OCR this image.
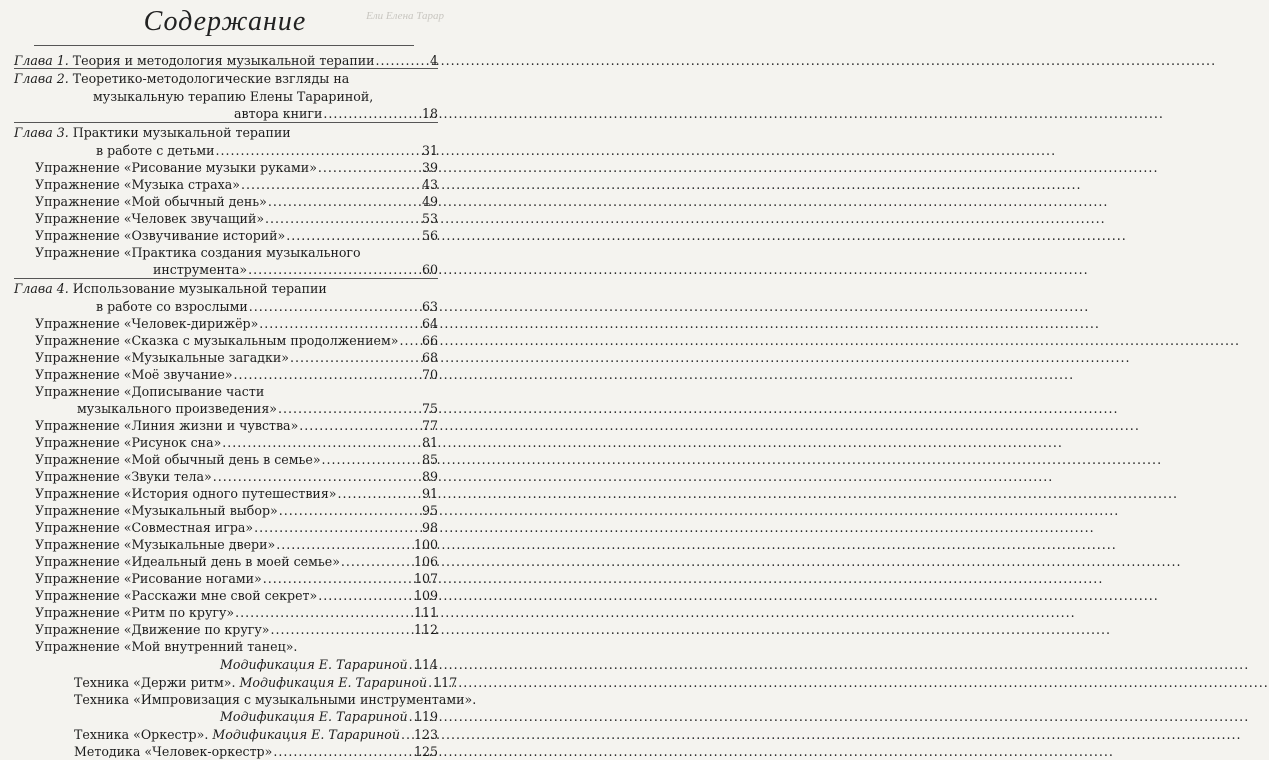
Содержание	Ели Елена Тарар
Глава 1. Теория и методология музыкальной терапии .....	4
Глава 2. Теоретико-методологические взгляды на
музыкальную терапию Елены Тарариной,
автора книги .....	18
Глава 3. Практики музыкальной терапии
в работе с детьми .....	31
Упражнение «Рисование музыки руками» .....	39
Упражнение «Музыка страха» .....	43
Упражнение «Мой обычный день» .....	49
Упражнение «Человек звучащий» .....	53
Упражнение «Озвучивание историй» .....	56
Упражнение «Практика создания музыкального
инструмента» .....	60
Глава 4. Использование музыкальной терапии
в работе со взрослыми .....	63
Упражнение «Человек-дирижёр» .....	64
Упражнение «Сказка с музыкальным продолжением» ..... 66
Упражнение «Музыкальные загадки» .....	68
Упражнение «Моё звучание» .....	70
Упражнение «Дописывание части
музыкального произведения» .....	75
Упражнение «Линия жизни и чувства» .....	77
Упражнение «Рисунок сна» .....	81
Упражнение «Мой обычный день в семье» .....	85
Упражнение «Звуки тела» .....	89
Упражнение «История одного путешествия» .....	91
Упражнение «Музыкальный выбор» .....	95
Упражнение «Совместная игра» .....	98
Упражнение «Музыкальные двери» .....	100
Упражнение «Идеальный день в моей семье» .....	106
Упражнение «Рисование ногами» .....	107
Упражнение «Расскажи мне свой секрет» .....	109
Упражнение «Ритм по кругу» .....	111
Упражнение «Движение по кругу» .....	112
Упражнение «Мой внутренний танец».
Модификация Е. Тарариной ..... 114
Техника «Держи ритм». Модификация Е. Тарариной ..... 117
Техника «Импровизация с музыкальными инструментами».
Модификация Е. Тарариной ..... 119
Техника «Оркестр». Модификация Е. Тарариной ..... 123
Методика «Человек-оркестр» .....	125
